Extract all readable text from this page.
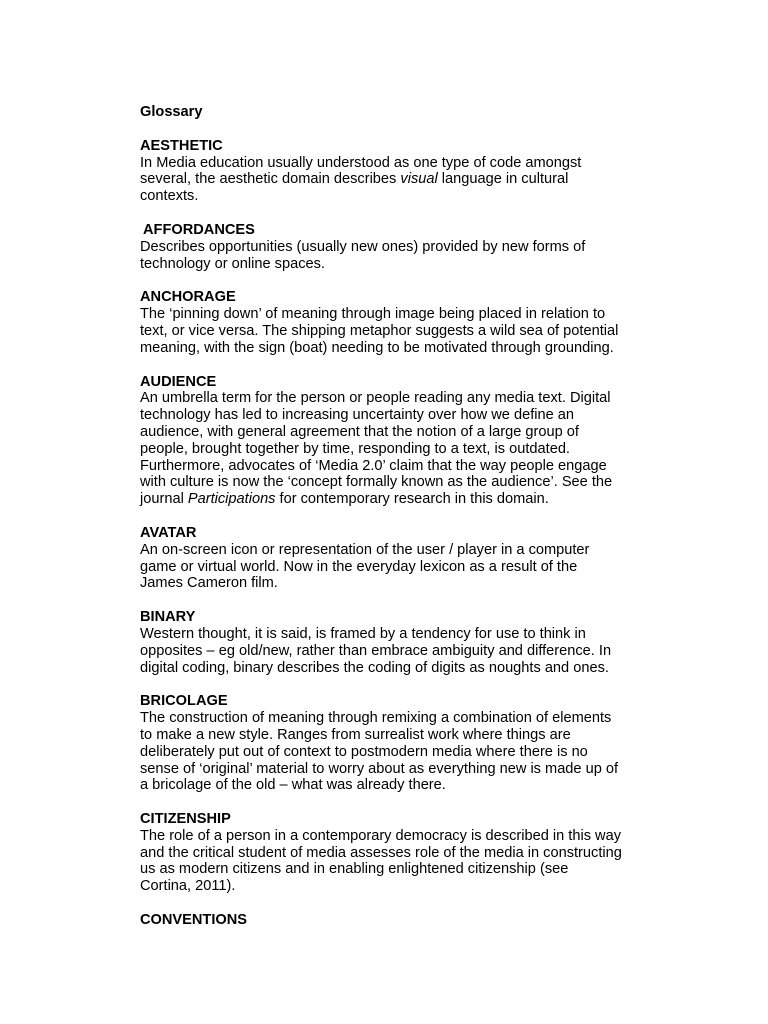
Glossary
AESTHETIC
In Media education usually understood as one type of code amongst
several, the aesthetic domain describes visual language in cultural
contexts.
AFFORDANCES
Describes opportunities (usually new ones) provided by new forms of
technology or online spaces.
ANCHORAGE
The ‘pinning down’ of meaning through image being placed in relation to
text, or vice versa. The shipping metaphor suggests a wild sea of potential
meaning, with the sign (boat) needing to be motivated through grounding.
AUDIENCE
An umbrella term for the person or people reading any media text. Digital
technology has led to increasing uncertainty over how we define an
audience, with general agreement that the notion of a large group of
people, brought together by time, responding to a text, is outdated.
Furthermore, advocates of ‘Media 2.0’ claim that the way people engage
with culture is now the ‘concept formally known as the audience’. See the
journal Participations for contemporary research in this domain.
AVATAR
An on-screen icon or representation of the user / player in a computer
game or virtual world. Now in the everyday lexicon as a result of the
James Cameron film.
BINARY
Western thought, it is said, is framed by a tendency for use to think in
opposites – eg old/new, rather than embrace ambiguity and difference. In
digital coding, binary describes the coding of digits as noughts and ones.
BRICOLAGE
The construction of meaning through remixing a combination of elements
to make a new style. Ranges from surrealist work where things are
deliberately put out of context to postmodern media where there is no
sense of ‘original’ material to worry about as everything new is made up of
a bricolage of the old – what was already there.
CITIZENSHIP
The role of a person in a contemporary democracy is described in this way
and the critical student of media assesses role of the media in constructing
us as modern citizens and in enabling enlightened citizenship (see
Cortina, 2011).
CONVENTIONS
